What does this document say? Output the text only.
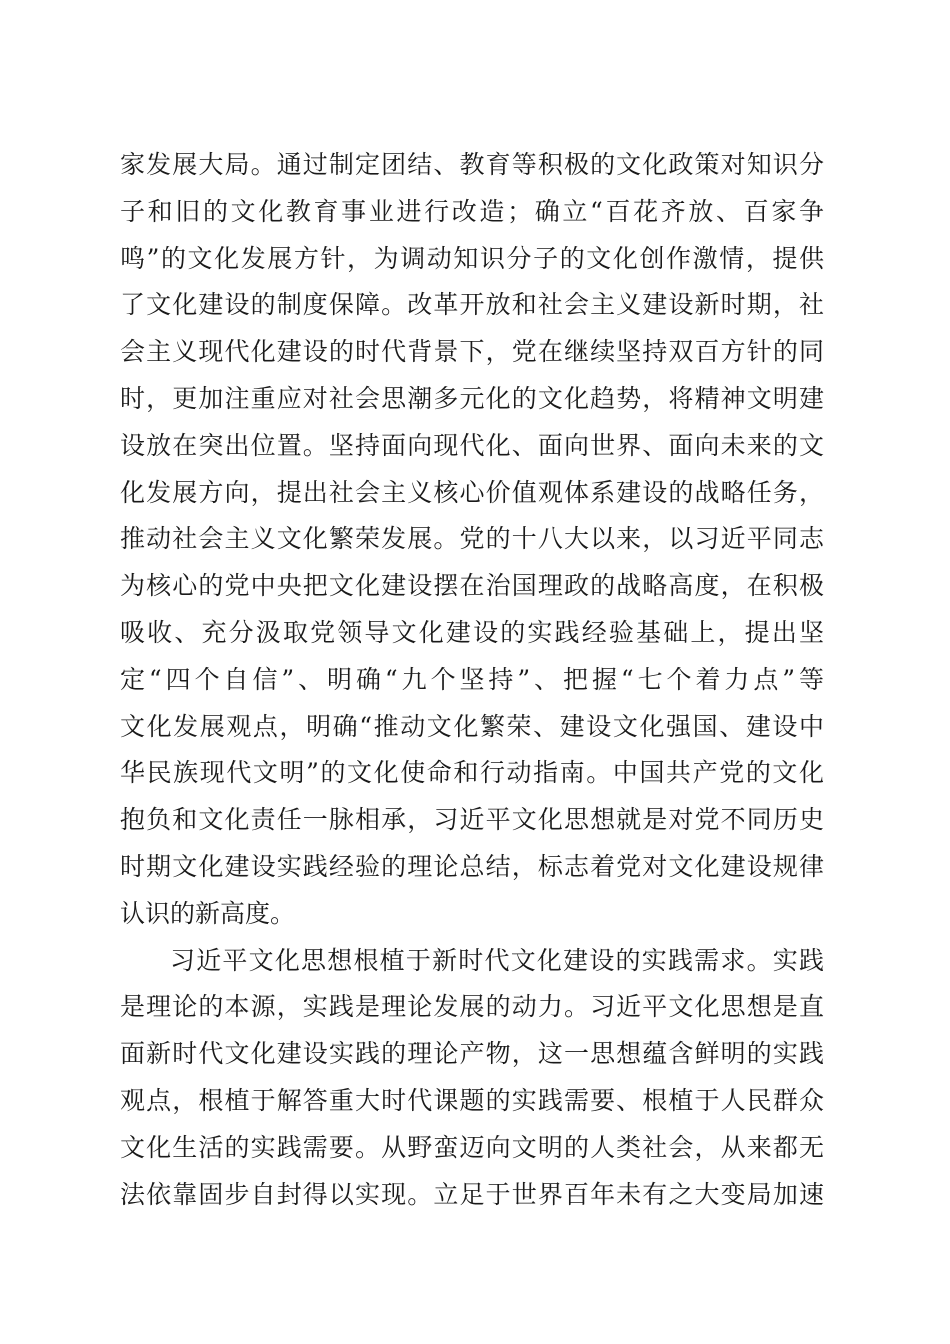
家发展大局。通过制定团结、教育等积极的文化政策对知识分
子和旧的文化教育事业进行改造；确立“百花齐放、百家争
鸣”的文化发展方针，为调动知识分子的文化创作激情，提供
了文化建设的制度保障。改革开放和社会主义建设新时期，社
会主义现代化建设的时代背景下，党在继续坚持双百方针的同
时，更加注重应对社会思潮多元化的文化趋势，将精神文明建
设放在突出位置。坚持面向现代化、面向世界、面向未来的文
化发展方向，提出社会主义核心价值观体系建设的战略任务，
推动社会主义文化繁荣发展。党的十八大以来，以习近平同志
为核心的党中央把文化建设摆在治国理政的战略高度，在积极
吸收、充分汲取党领导文化建设的实践经验基础上，提出坚
定“四个自信”、明确“九个坚持”、把握“七个着力点”等
文化发展观点，明确“推动文化繁荣、建设文化强国、建设中
华民族现代文明”的文化使命和行动指南。中国共产党的文化
抱负和文化责任一脉相承，习近平文化思想就是对党不同历史
时期文化建设实践经验的理论总结，标志着党对文化建设规律
认识的新高度。
习近平文化思想根植于新时代文化建设的实践需求。实践
是理论的本源，实践是理论发展的动力。习近平文化思想是直
面新时代文化建设实践的理论产物，这一思想蕴含鲜明的实践
观点，根植于解答重大时代课题的实践需要、根植于人民群众
文化生活的实践需要。从野蛮迈向文明的人类社会，从来都无
法依靠固步自封得以实现。立足于世界百年未有之大变局加速
